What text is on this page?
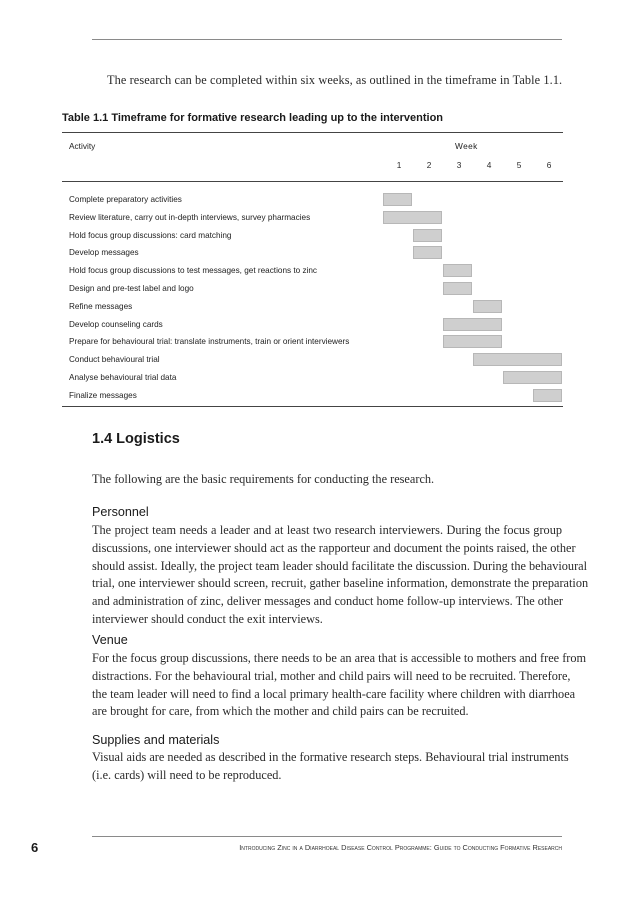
The research can be completed within six weeks, as outlined in the timeframe in Table 1.1.
Table 1.1 Timeframe for formative research leading up to the intervention
Activity	Week
1	2	3	4	5	6
Complete preparatory activities
Review literature, carry out in-depth interviews, survey pharmacies
Hold focus group discussions: card matching
Develop messages
Hold focus group discussions to test messages, get reactions to zinc
Design and pre-test label and logo
Refine messages
Develop counseling cards
Prepare for behavioural trial: translate instruments, train or orient interviewers
Conduct behavioural trial
Analyse behavioural trial data
Finalize messages
1.4 Logistics
The following are the basic requirements for conducting the research.
Personnel
The project team needs a leader and at least two research interviewers. During the focus group
discussions, one interviewer should act as the rapporteur and document the points raised, the other
should assist. Ideally, the project team leader should facilitate the discussion. During the behavioural
trial, one interviewer should screen, recruit, gather baseline information, demonstrate the preparation
and administration of zinc, deliver messages and conduct home follow-up interviews. The other
interviewer should conduct the exit interviews.
Venue
For the focus group discussions, there needs to be an area that is accessible to mothers and free from
distractions. For the behavioural trial, mother and child pairs will need to be recruited. Therefore,
the team leader will need to find a local primary health-care facility where children with diarrhoea
are brought for care, from which the mother and child pairs can be recruited.
Supplies and materials
Visual aids are needed as described in the formative research steps. Behavioural trial instruments
(i.e. cards) will need to be reproduced.
6	Introducing Zinc in a Diarrhoeal Disease Control Programme: Guide to Conducting Formative Research
